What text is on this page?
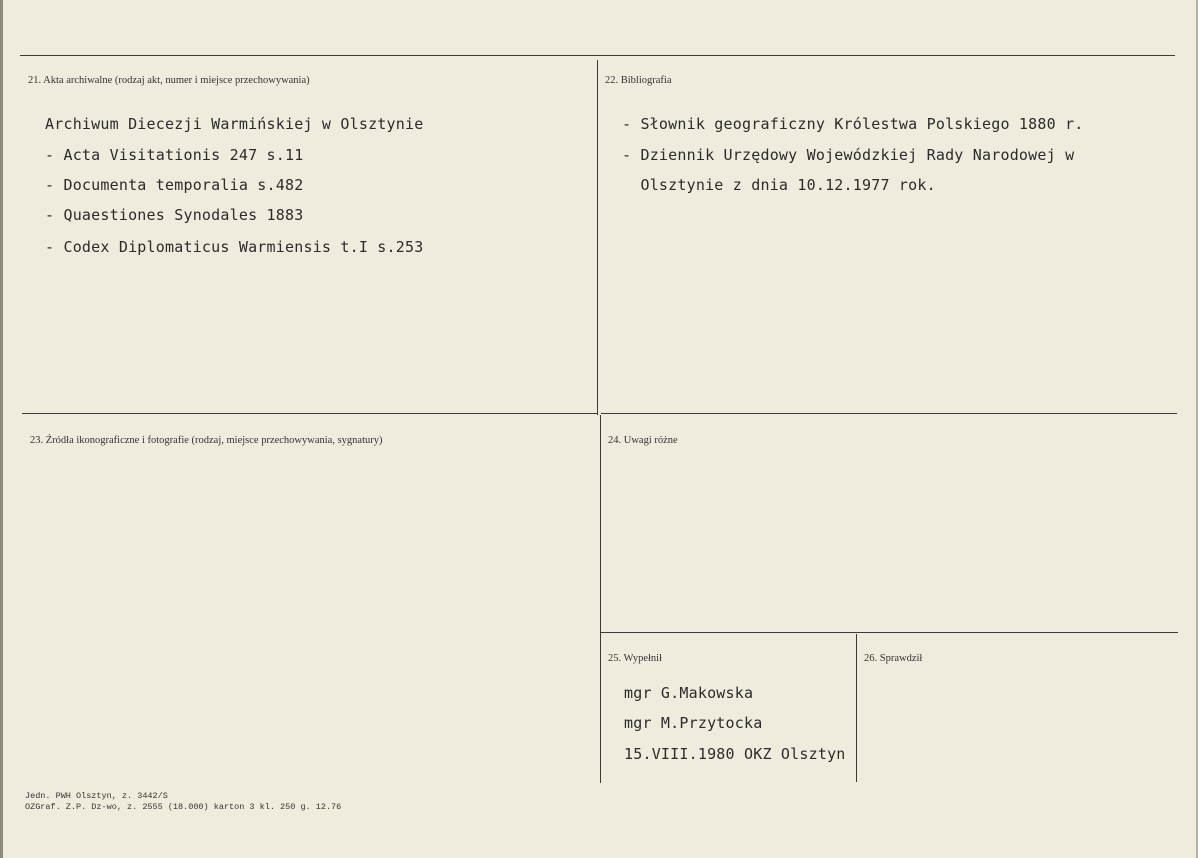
21. Akta archiwalne (rodzaj akt, numer i miejsce przechowywania)
Archiwum Diecezji Warmińskiej w Olsztynie
- Acta Visitationis 247 s.11
- Documenta temporalia s.482
- Quaestiones Synodales 1883
- Codex Diplomaticus Warmiensis t.I s.253
22. Bibliografia
- Słownik geograficzny Królestwa Polskiego 1880 r.
- Dziennik Urzędowy Wojewódzkiej Rady Narodowej w
Olsztynie z dnia 10.12.1977 rok.
23. Źródła ikonograficzne i fotografie (rodzaj, miejsce przechowywania, sygnatury)	24. Uwagi różne
25. Wypełnił
mgr G.Makowska
mgr M.Przytocka
15.VIII.1980 OKZ Olsztyn
26. Sprawdził
Jedn. PWH Olsztyn, z. 3442/S
OZGraf. Z.P. Dz-wo, z. 2555 (18.000) karton 3 kl. 250 g. 12.76
